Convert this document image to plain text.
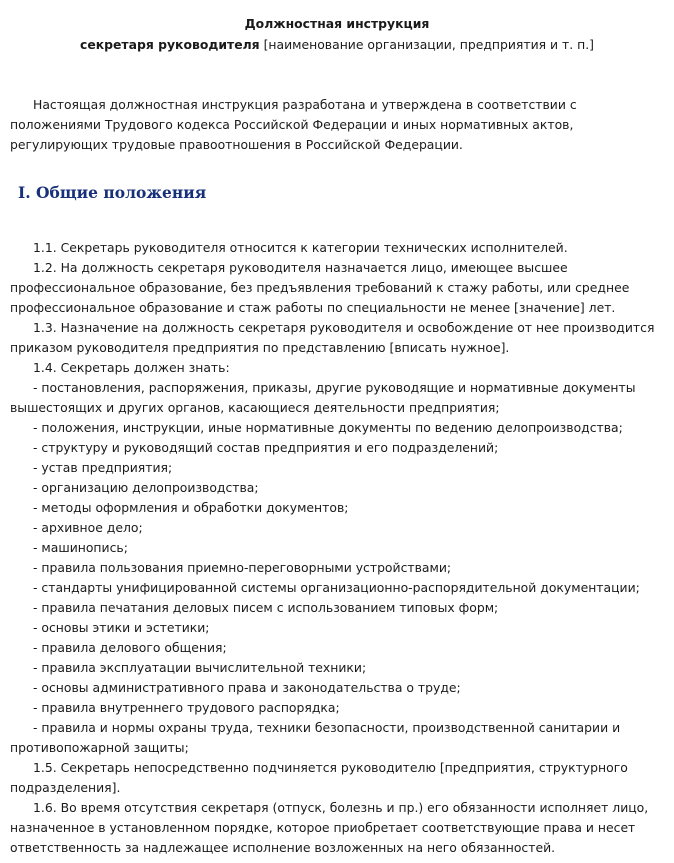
Должностная инструкция
секретаря руководителя [наименование организации, предприятия и т. п.]
Настоящая должностная инструкция разработана и утверждена в соответствии с положениями Трудового кодекса Российской Федерации и иных нормативных актов, регулирующих трудовые правоотношения в Российской Федерации.
I. Общие положения

1.1. Секретарь руководителя относится к категории технических исполнителей.

1.2. На должность секретаря руководителя назначается лицо, имеющее высшее профессиональное образование, без предъявления требований к стажу работы, или среднее профессиональное образование и стаж работы по специальности не менее [значение] лет.

1.3. Назначение на должность секретаря руководителя и освобождение от нее производится приказом руководителя предприятия по представлению [вписать нужное].

1.4. Секретарь должен знать:

- постановления, распоряжения, приказы, другие руководящие и нормативные документы вышестоящих и других органов, касающиеся деятельности предприятия;

- положения, инструкции, иные нормативные документы по ведению делопроизводства;

- структуру и руководящий состав предприятия и его подразделений;

- устав предприятия;

- организацию делопроизводства;

- методы оформления и обработки документов;

- архивное дело;

- машинопись;

- правила пользования приемно-переговорными устройствами;

- стандарты унифицированной системы организационно-распорядительной документации;

- правила печатания деловых писем с использованием типовых форм;

- основы этики и эстетики;

- правила делового общения;

- правила эксплуатации вычислительной техники;

- основы административного права и законодательства о труде;

- правила внутреннего трудового распорядка;

- правила и нормы охраны труда, техники безопасности, производственной санитарии и противопожарной защиты;

1.5. Секретарь непосредственно подчиняется руководителю [предприятия, структурного подразделения].

1.6. Во время отсутствия секретаря (отпуск, болезнь и пр.) его обязанности исполняет лицо, назначенное в установленном порядке, которое приобретает соответствующие права и несет ответственность за надлежащее исполнение возложенных на него обязанностей.
